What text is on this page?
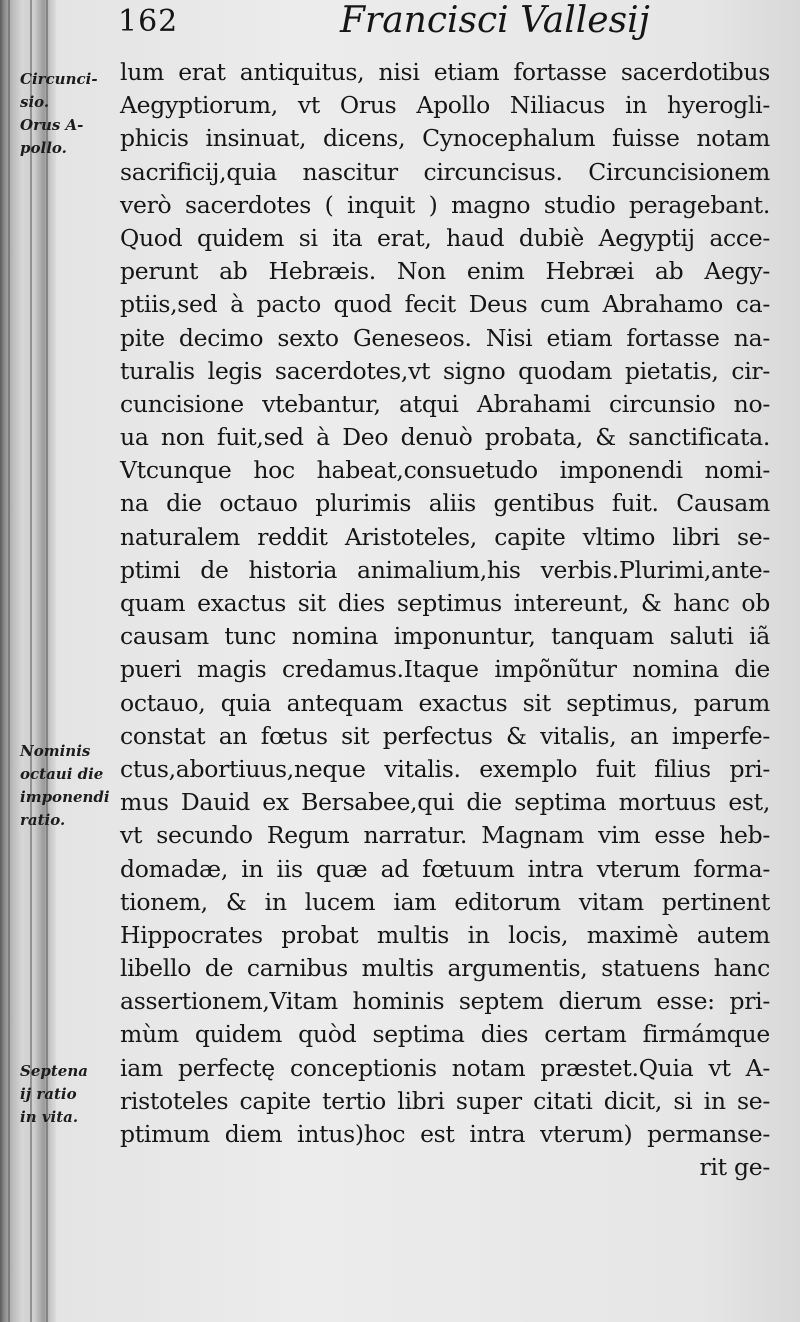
162	Francisci Vallesij
Circunci-
sio.
Orus A-
pollo.
Nominis
octaui die
imponendi
ratio.
Septena
ij ratio
in vita.
lum erat antiquitus, nisi etiam fortasse sacerdotibus
Aegyptiorum, vt Orus Apollo Niliacus in hyerogli-
phicis insinuat, dicens, Cynocephalum fuisse notam
sacrificij,quia nascitur circuncisus. Circuncisionem
verò sacerdotes ( inquit ) magno studio peragebant.
Quod quidem si ita erat, haud dubiè Aegyptij acce-
perunt ab Hebræis. Non enim Hebræi ab Aegy-
ptiis,sed à pacto quod fecit Deus cum Abrahamo ca-
pite decimo sexto Geneseos. Nisi etiam fortasse na-
turalis legis sacerdotes,vt signo quodam pietatis, cir-
cuncisione vtebantur, atqui Abrahami circunsio no-
ua non fuit,sed à Deo denuò probata, & sanctificata.
Vtcunque hoc habeat,consuetudo imponendi nomi-
na die octauo plurimis aliis gentibus fuit. Causam
naturalem reddit Aristoteles, capite vltimo libri se-
ptimi de historia animalium,his verbis.Plurimi,ante-
quam exactus sit dies septimus intereunt, & hanc ob
causam tunc nomina imponuntur, tanquam saluti iã
pueri magis credamus.Itaque impõnũtur nomina die
octauo, quia antequam exactus sit septimus, parum
constat an fœtus sit perfectus & vitalis, an imperfe-
ctus,abortiuus,neque vitalis. exemplo fuit filius pri-
mus Dauid ex Bersabee,qui die septima mortuus est,
vt secundo Regum narratur. Magnam vim esse heb-
domadæ, in iis quæ ad fœtuum intra vterum forma-
tionem, & in lucem iam editorum vitam pertinent
Hippocrates probat multis in locis, maximè autem
libello de carnibus multis argumentis, statuens hanc
assertionem,Vitam hominis septem dierum esse: pri-
mùm quidem quòd septima dies certam firmámque
iam perfectę conceptionis notam præstet.Quia vt A-
ristoteles capite tertio libri super citati dicit, si in se-
ptimum diem intus)hoc est intra vterum) permanse-
rit ge-
